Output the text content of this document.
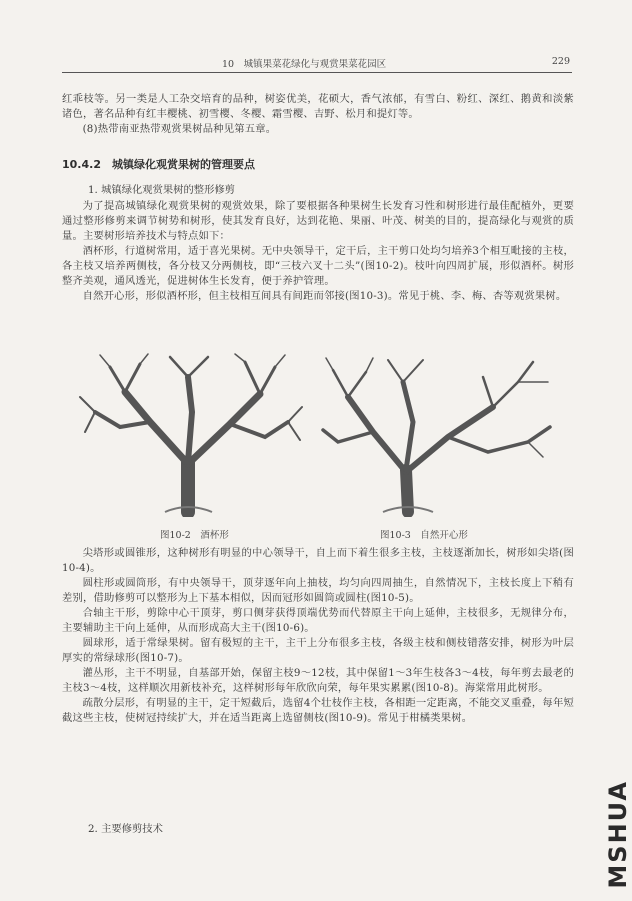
10　城镇果菜花绿化与观赏果菜花园区	229

红乖枝等。另一类是人工杂交培育的品种，树姿优美，花硕大，香气浓郁，有雪白、粉红、深红、鹅黄和淡紫诸色，著名品种有红丰樱桃、初雪樱、冬樱、霜雪樱、吉野、松月和提灯等。

(8)热带南亚热带观赏果树品种见第五章。

10.4.2　城镇绿化观赏果树的管理要点
1. 城镇绿化观赏果树的整形修剪

为了提高城镇绿化观赏果树的观赏效果，除了要根据各种果树生长发育习性和树形进行最佳配植外，更要通过整形修剪来调节树势和树形，使其发育良好，达到花艳、果丽、叶茂、树美的目的，提高绿化与观赏的质量。主要树形培养技术与特点如下：

酒杯形，行道树常用，适于喜光果树。无中央领导干，定干后，主干剪口处均匀培养3个相互毗接的主枝，各主枝又培养两侧枝，各分枝又分两侧枝，即“三枝六叉十二头”(图10-2)。枝叶向四周扩展，形似酒杯。树形整齐美观，通风透光，促进树体生长发育，便于养护管理。

自然开心形，形似酒杯形，但主枝相互间具有间距而邻接(图10-3)。常见于桃、李、梅、杏等观赏果树。

图10-2　酒杯形	图10-3　自然开心形

尖塔形或圆锥形，这种树形有明显的中心领导干，自上而下着生很多主枝，主枝逐渐加长，树形如尖塔(图10-4)。

圆柱形或圆筒形，有中央领导干，顶芽逐年向上抽枝，均匀向四周抽生，自然情况下，主枝长度上下稍有差别，借助修剪可以整形为上下基本相似，因而冠形如圆筒或圆柱(图10-5)。

合轴主干形，剪除中心干顶芽，剪口侧芽获得顶端优势而代替原主干向上延伸，主枝很多，无规律分布，主要辅助主干向上延伸，从而形成高大主干(图10-6)。

圆球形，适于常绿果树。留有极短的主干，主干上分布很多主枝，各级主枝和侧枝错落安排，树形为叶层厚实的常绿球形(图10-7)。

灌丛形，主干不明显，自基部开始，保留主枝9～12枝，其中保留1～3年生枝各3～4枝，每年剪去最老的主枝3～4枝，这样顺次用新枝补充，这样树形每年欣欣向荣，每年果实累累(图10-8)。海棠常用此树形。

疏散分层形，有明显的主干，定干短截后，选留4个壮枝作主枝，各相距一定距离，不能交叉重叠，每年短截这些主枝，使树冠持续扩大，并在适当距离上选留侧枝(图10-9)。常见于柑橘类果树。

2. 主要修剪技术	MSHUA
